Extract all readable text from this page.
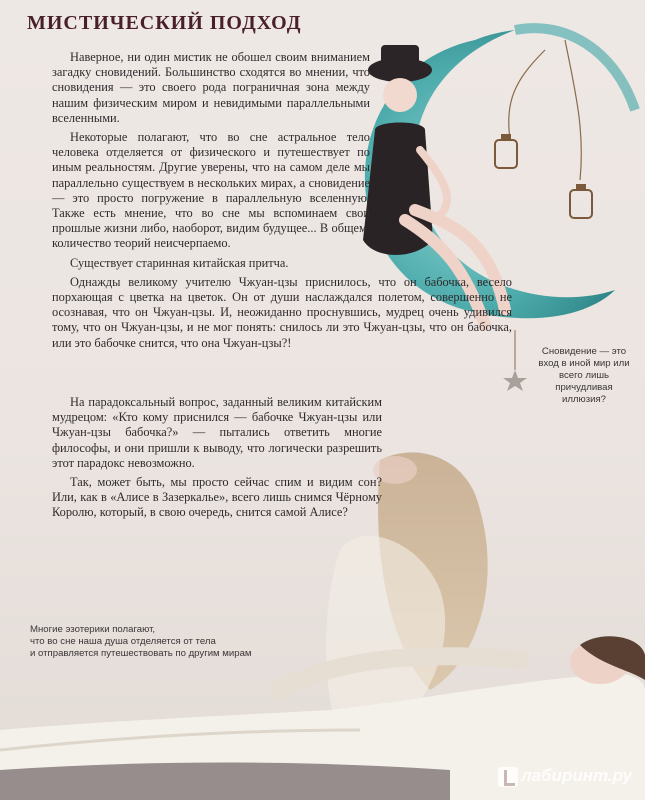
МИСТИЧЕСКИЙ ПОДХОД

Наверное, ни один мистик не обошел своим вниманием загадку сновидений. Большинство сходятся во мнении, что сновидения — это своего рода пограничная зона между нашим физическим миром и невидимыми параллельными вселенными.

Некоторые полагают, что во сне астральное тело человека отделяется от физического и путешествует по иным реальностям. Другие уверены, что на самом деле мы параллельно существуем в нескольких мирах, а сновидение — это просто погружение в параллельную вселенную. Также есть мнение, что во сне мы вспоминаем свои прошлые жизни либо, наоборот, видим будущее... В общем, количество теорий неисчерпаемо.

Существует старинная китайская притча.

Однажды великому учителю Чжуан-цзы приснилось, что он бабочка, весело порхающая с цветка на цветок. Он от души наслаждался полетом, совершенно не осознавая, что он Чжуан-цзы. И, неожиданно проснувшись, мудрец очень удивился тому, что он Чжуан-цзы, и не мог понять: снилось ли это Чжуан-цзы, что он бабочка, или это бабочке снится, что она Чжуан-цзы?!

Сновидение — это вход в иной мир или всего лишь причудливая иллюзия?

На парадоксальный вопрос, заданный великим китайским мудрецом: «Кто кому приснился — бабочке Чжуан-цзы или Чжуан-цзы бабочка?» — пытались ответить многие философы, и они пришли к выводу, что логически разрешить этот парадокс невозможно.

Так, может быть, мы просто сейчас спим и видим сон? Или, как в «Алисе в Зазеркалье», всего лишь снимся Чёрному Королю, который, в свою очередь, снится самой Алисе?

Многие эзотерики полагают,
что во сне наша душа отделяется от тела
и отправляется путешествовать по другим мирам
лабиринт.ру
